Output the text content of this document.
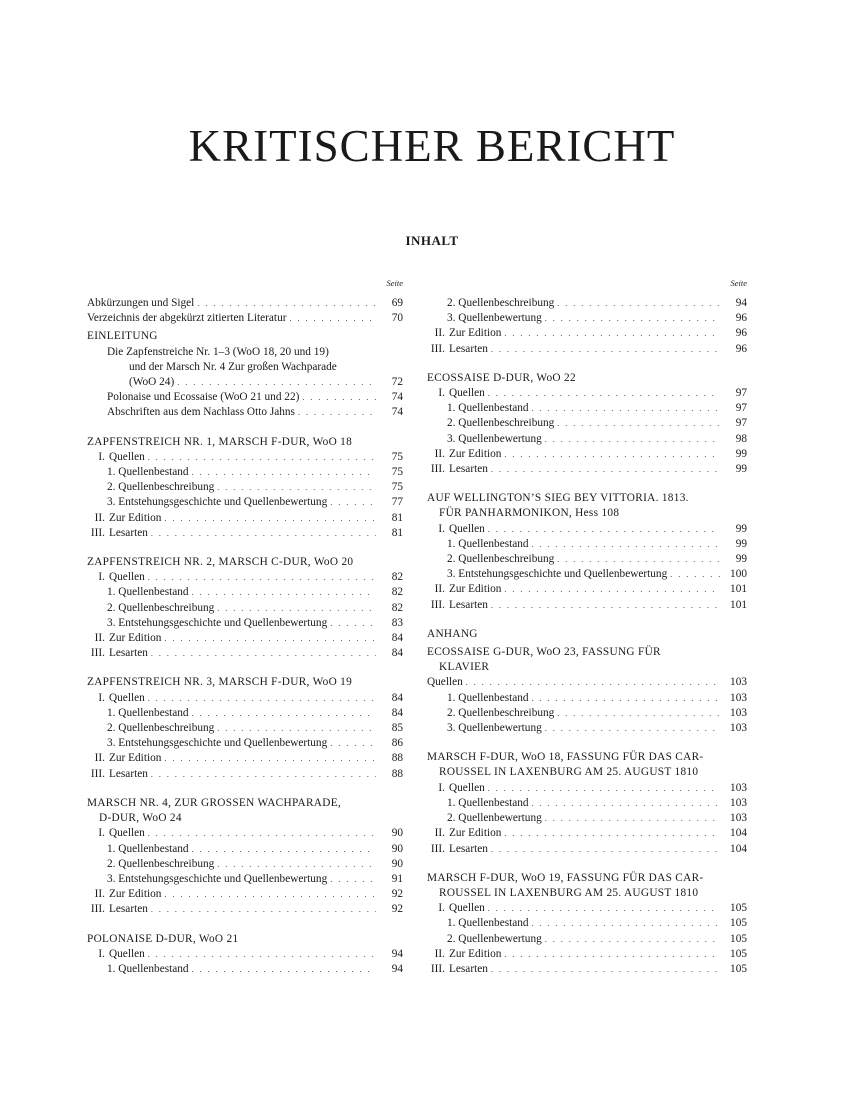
KRITISCHER BERICHT
INHALT
Seite
Abkürzungen und Sigel . . .	69
Verzeichnis der abgekürzt zitierten Literatur . . .	70
EINLEITUNG
Die Zapfenstreiche Nr. 1–3 (WoO 18, 20 und 19)
und der Marsch Nr. 4 Zur großen Wachparade
(WoO 24) . . .	72
Polonaise und Ecossaise (WoO 21 und 22) . . .	74
Abschriften aus dem Nachlass Otto Jahns . . .	74
ZAPFENSTREICH NR. 1, MARSCH F-DUR, WoO 18
I. Quellen . . .	75
1. Quellenbestand . . .	75
2. Quellenbeschreibung . . .	75
3. Entstehungsgeschichte und Quellenbewertung . . .	77
II. Zur Edition . . .	81
III. Lesarten . . .	81
ZAPFENSTREICH NR. 2, MARSCH C-DUR, WoO 20
I. Quellen . . .	82
1. Quellenbestand . . .	82
2. Quellenbeschreibung . . .	82
3. Entstehungsgeschichte und Quellenbewertung . . .	83
II. Zur Edition . . .	84
III. Lesarten . . .	84
ZAPFENSTREICH NR. 3, MARSCH F-DUR, WoO 19
I. Quellen . . .	84
1. Quellenbestand . . .	84
2. Quellenbeschreibung . . .	85
3. Entstehungsgeschichte und Quellenbewertung . . .	86
II. Zur Edition . . .	88
III. Lesarten . . .	88
MARSCH NR. 4, ZUR GROSSEN WACHPARADE,
D-DUR, WoO 24
I. Quellen . . .	90
1. Quellenbestand . . .	90
2. Quellenbeschreibung . . .	90
3. Entstehungsgeschichte und Quellenbewertung . . .	91
II. Zur Edition . . .	92
III. Lesarten . . .	92
POLONAISE D-DUR, WoO 21
I. Quellen . . .	94
1. Quellenbestand . . .	94
Seite
2. Quellenbeschreibung . . .	94
3. Quellenbewertung . . .	96
II. Zur Edition . . .	96
III. Lesarten . . .	96
ECOSSAISE D-DUR, WoO 22
I. Quellen . . .	97
1. Quellenbestand . . .	97
2. Quellenbeschreibung . . .	97
3. Quellenbewertung . . .	98
II. Zur Edition . . .	99
III. Lesarten . . .	99
AUF WELLINGTON’S SIEG BEY VITTORIA. 1813.
FÜR PANHARMONIKON, Hess 108
I. Quellen . . .	99
1. Quellenbestand . . .	99
2. Quellenbeschreibung . . .	99
3. Entstehungsgeschichte und Quellenbewertung . . .	100
II. Zur Edition . . .	101
III. Lesarten . . .	101
ANHANG
ECOSSAISE G-DUR, WoO 23, FASSUNG FÜR
KLAVIER
Quellen . . .	103
1. Quellenbestand . . .	103
2. Quellenbeschreibung . . .	103
3. Quellenbewertung . . .	103
MARSCH F-DUR, WoO 18, FASSUNG FÜR DAS CAR-
ROUSSEL IN LAXENBURG AM 25. AUGUST 1810
I. Quellen . . .	103
1. Quellenbestand . . .	103
2. Quellenbewertung . . .	103
II. Zur Edition . . .	104
III. Lesarten . . .	104
MARSCH F-DUR, WoO 19, FASSUNG FÜR DAS CAR-
ROUSSEL IN LAXENBURG AM 25. AUGUST 1810
I. Quellen . . .	105
1. Quellenbestand . . .	105
2. Quellenbewertung . . .	105
II. Zur Edition . . .	105
III. Lesarten . . .	105
